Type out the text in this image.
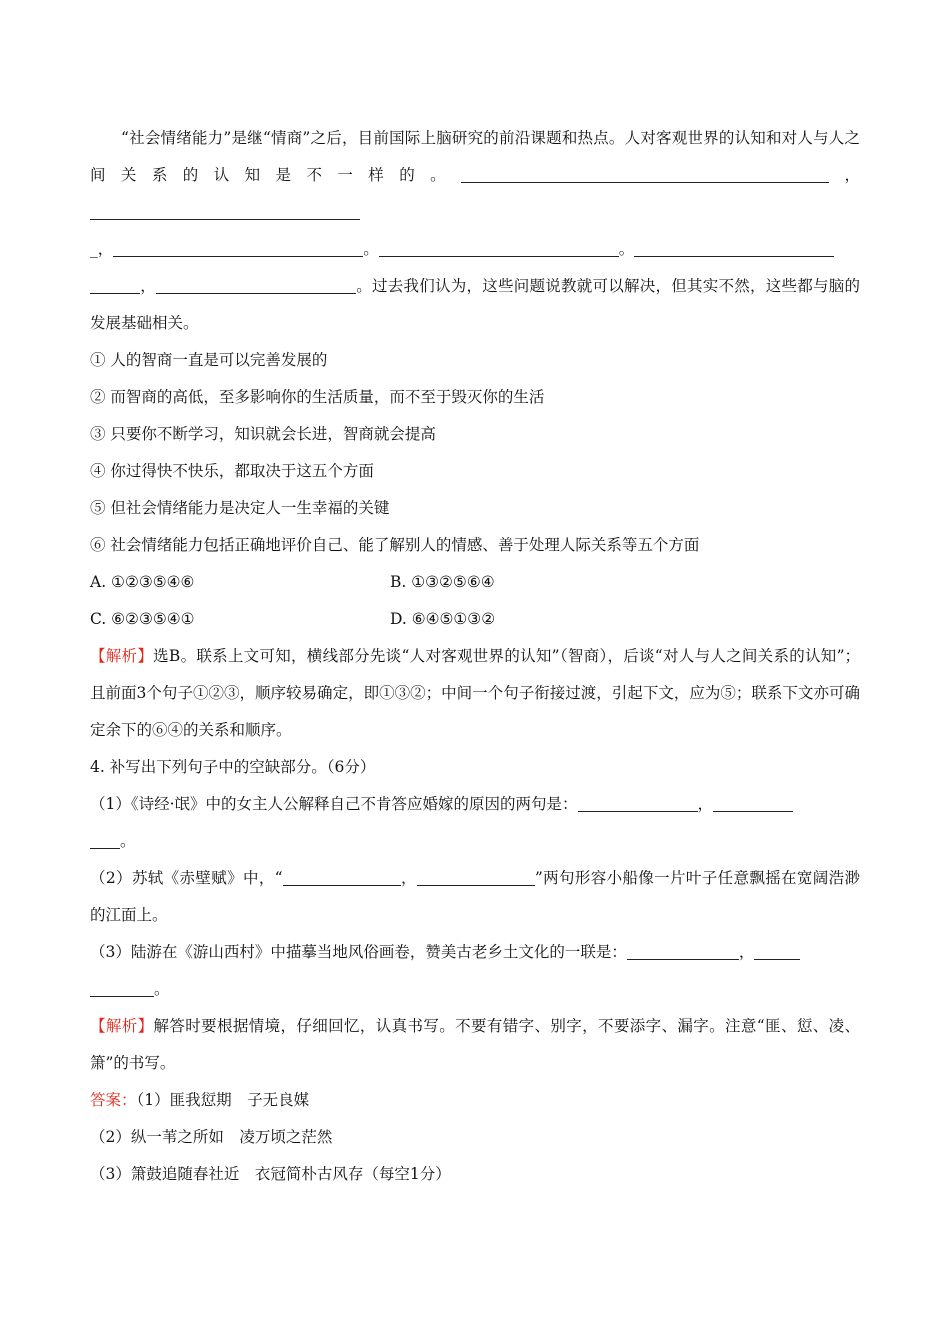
“社会情绪能力”是继“情商”之后，目前国际上脑研究的前沿课题和热点。人对客观世界的认知和对人与人之间关系的认知是不一样的。	，
_，	。	。
，	。过去我们认为，这些问题说教就可以解决，但其实不然，这些都与脑的发展基础相关。

① 人的智商一直是可以完善发展的

② 而智商的高低，至多影响你的生活质量，而不至于毁灭你的生活

③ 只要你不断学习，知识就会长进，智商就会提高

④ 你过得快不快乐，都取决于这五个方面

⑤ 但社会情绪能力是决定人一生幸福的关键

⑥ 社会情绪能力包括正确地评价自己、能了解别人的情感、善于处理人际关系等五个方面

A. ①②③⑤④⑥	B. ①③②⑤⑥④

C. ⑥②③⑤④①	D. ⑥④⑤①③②

【解析】选B。联系上文可知，横线部分先谈“人对客观世界的认知”（智商），后谈“对人与人之间关系的认知”；且前面3个句子①②③，顺序较易确定，即①③②；中间一个句子衔接过渡，引起下文，应为⑤；联系下文亦可确定余下的⑥④的关系和顺序。

4. 补写出下列句子中的空缺部分。（6分）

（1）《诗经·氓》中的女主人公解释自己不肯答应婚嫁的原因的两句是：	，
。

（2）苏轼《赤壁赋》中，“	，	”两句形容小船像一片叶子任意飘摇在宽阔浩渺的江面上。

（3）陆游在《游山西村》中描摹当地风俗画卷，赞美古老乡土文化的一联是：	，
。

【解析】解答时要根据情境，仔细回忆，认真书写。不要有错字、别字，不要添字、漏字。注意“匪、愆、凌、箫”的书写。

答案：（1）匪我愆期　子无良媒

（2）纵一苇之所如　凌万顷之茫然

（3）箫鼓追随春社近　衣冠简朴古风存（每空1分）
